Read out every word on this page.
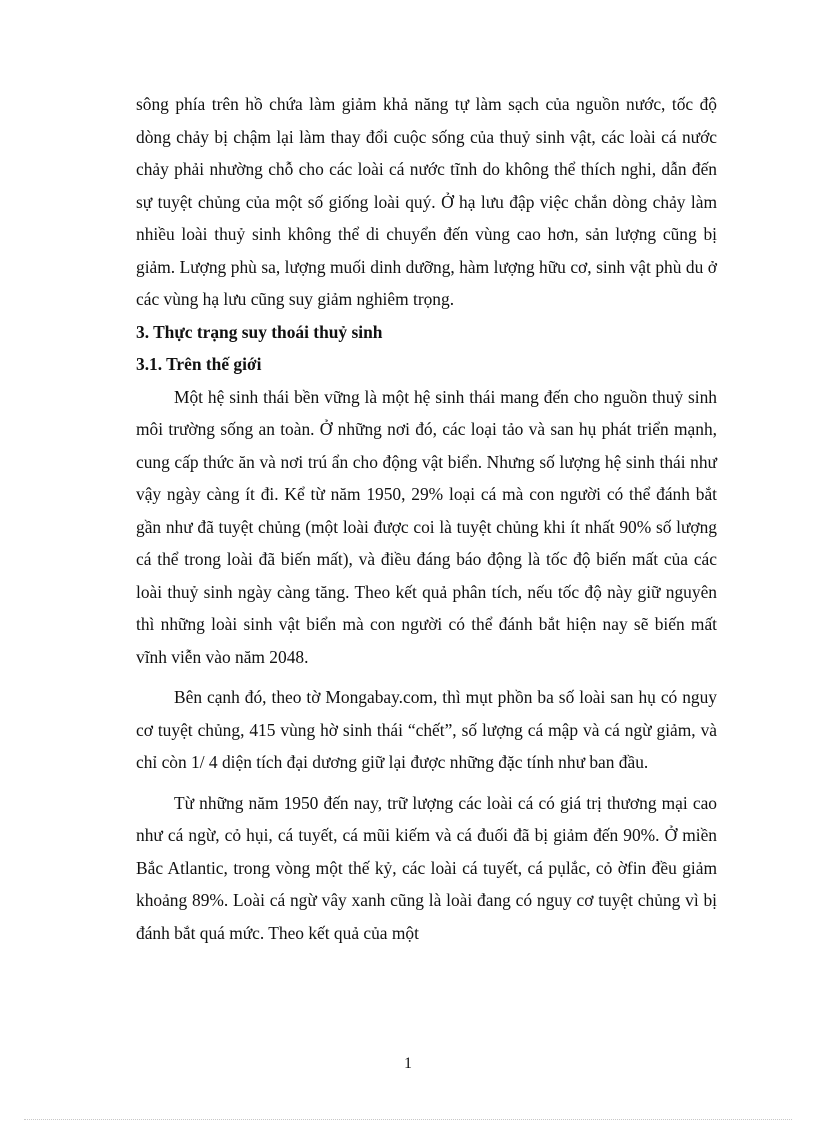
sông phía trên hồ chứa làm giảm khả năng tự làm sạch của nguồn nước, tốc độ dòng chảy bị chậm lại làm thay đổi cuộc sống của thuỷ sinh vật, các loài cá nước chảy phải nhường chỗ cho các loài cá nước tĩnh do không thể thích nghi, dẫn đến sự tuyệt chủng của một số giống loài quý. Ở hạ lưu đập việc chắn dòng chảy làm nhiều loài thuỷ sinh không thể di chuyển đến vùng cao hơn, sản lượng cũng bị giảm. Lượng phù sa, lượng muối dinh dưỡng, hàm lượng hữu cơ, sinh vật phù du ở các vùng hạ lưu cũng suy giảm nghiêm trọng.

3. Thực trạng suy thoái thuỷ sinh

3.1. Trên thế giới

Một hệ sinh thái bền vững là một hệ sinh thái mang đến cho nguồn thuỷ sinh môi trường sống an toàn. Ở những nơi đó, các loại tảo và san hụ phát triển mạnh, cung cấp thức ăn và nơi trú ẩn cho động vật biển. Nhưng số lượng hệ sinh thái như vậy ngày càng ít đi. Kể từ năm 1950, 29% loại cá mà con người có thể đánh bắt gần như đã tuyệt chủng (một loài được coi là tuyệt chủng khi ít nhất 90% số lượng cá thể trong loài đã biến mất), và điều đáng báo động là tốc độ biến mất của các loài thuỷ sinh ngày càng tăng. Theo kết quả phân tích, nếu tốc độ này giữ nguyên thì những loài sinh vật biển mà con người có thể đánh bắt hiện nay sẽ biến mất vĩnh viễn vào năm 2048.

Bên cạnh đó, theo tờ Mongabay.com, thì mụt phồn ba số loài san hụ có nguy cơ tuyệt chủng, 415 vùng hờ sinh thái “chết”, số lượng cá mập và cá ngừ giảm, và chỉ còn 1/ 4 diện tích đại dương giữ lại được những đặc tính như ban đầu.

Từ những năm 1950 đến nay, trữ lượng các loài cá có giá trị thương mại cao như cá ngừ, cỏ hụi, cá tuyết, cá mũi kiếm và cá đuối đã bị giảm đến 90%. Ở miền Bắc Atlantic, trong vòng một thế kỷ, các loài cá tuyết, cá pụlắc, cỏ ờfin đều giảm khoảng 89%. Loài cá ngừ vây xanh cũng là loài đang có nguy cơ tuyệt chủng vì bị đánh bắt quá mức. Theo kết quả của một

1
